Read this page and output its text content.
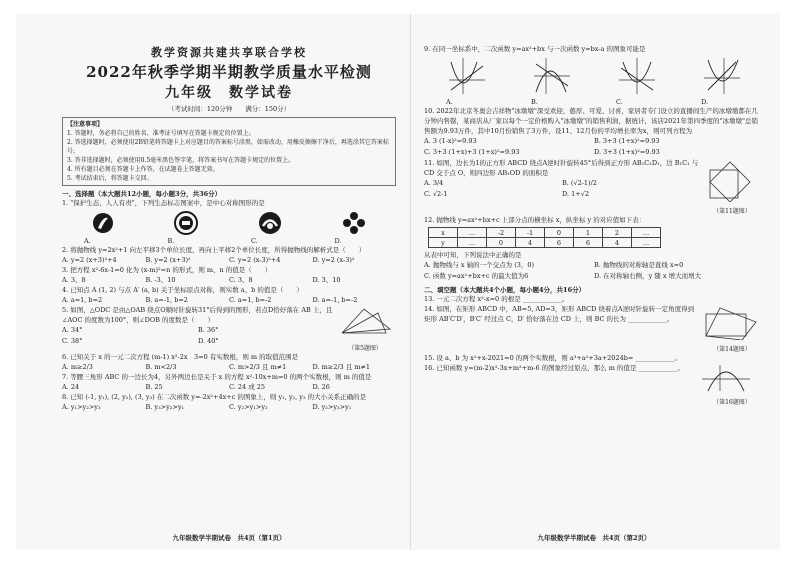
教学资源共建共享联合学校
2022年秋季学期半期教学质量水平检测
九年级　数学试卷
（考试时间：120分钟　　满分：150分）
【注意事项】
1. 答题时，务必将自己的姓名、准考证号填写在答题卡规定的位置上。
2. 答选择题时，必须使用2B铅笔将答题卡上对应题目的答案标号涂黑，如需改动，用橡皮擦擦干净后，再选涂其它答案标号。
3. 答非选择题时，必须使用0.5毫米黑色签字笔，将答案书写在答题卡规定的位置上。
4. 所有题目必须在答题卡上作答，在试题卷上答题无效。
5. 考试结束后，将答题卡交回。
一、选择题（本大题共12小题，每小题3分，共36分）
1. "保护生态，人人有责"，下列生态标志图案中，是中心对称图形的是
A.	B.	C.	D.
2. 将抛物线 y=2x²+1 向左平移3个单位长度，再向上平移2个单位长度，所得抛物线的解析式是（　　）
A. y=2 (x+3)²+4	B. y=2 (x+3)²	C. y=2 (x-3)²+4	D. y=2 (x-3)²
3. 把方程 x²-6x-1=0 化为 (x-m)²=n 的形式，则 m、n 的值是（　　）
A. 3、8	B. -3、10	C. 3、8	D. 3、10
4. 已知点 A (1, 2) 与点 A′ (a, b) 关于坐标原点对称，则实数 a、b 的值是（　　）
A. a=1, b=2	B. a=-1, b=2	C. a=1, b=-2	D. a=-1, b=-2
5. 如图，△ODC 是由△OAB 绕点O顺时针旋转31°后得到的图形，若点D恰好落在 AB 上，且∠AOC 的度数为100°，则∠DOB 的度数是（　　）
A. 34°	B. 36°
C. 38°	D. 40°
（第5题图）
6. 已知关于 x 的一元二次方程 (m-1) x²-2x　3=0 有实数根，则 m 的取值范围是
A. m≥2/3	B. m<2/3	C. m>2/3 且 m≠1	D. m≥2/3 且 m≠1
7. 等腰三角形 ABC 的一边长为4，另外两边长是关于 x 的方程 x²-10x+m=0 的两个实数根，则 m 的值是
A. 24	B. 25	C. 24 或 25	D. 26
8. 已知 (-1, y₁), (2, y₂), (3, y₃) 在二次函数 y=-2x²+4x+c 的图象上，则 y₁, y₂, y₃ 的大小关系正确的是
A. y₁>y₂>y₃	B. y₃>y₂>y₁	C. y₂>y₁>y₃	D. y₂>y₃>y₁
九年级数学半期试卷　共4页（第1页）
9. 在同一坐标系中，二次函数 y=ax²+bx 与一次函数 y=bx-a 的图象可能是
A.	B.	C.	D.
10. 2022年北京冬奥会吉祥物"冰墩墩"深受欢迎，憨厚、可爱、讨喜，家居者专门设立的直播间生产的冰墩墩都在几分钟内售罄，某商店从厂家以每个一定价格购入"冰墩墩"的销售利润，据统计，该店2021年第四季度的"冰墩墩"总销售额为9.93万件，其中10月份销售了3万件，设11、12月份的平均增长率为x，则可列方程为
A. 3 (1-x)²=9.93	B. 3+3 (1+x)²=9.93
C. 3+3 (1+x)+3 (1+x)²=9.93	D. 3+3 (1+x)²=9.93
11. 如图，边长为1的正方形 ABCD 绕点A逆时针旋转45°后得到正方形 AB₁C₁D₁，边 B₁C₁ 与 CD 交于点 O，则四边形 AB₁OD 的面积是
A. 3/4	B. (√2-1)/2
C. √2-1	D. 1+√2
（第11题图）
12. 抛物线 y=ax²+bx+c 上部分点的横坐标 x，纵坐标 y 的对应值如下表：
x	…	-2	-1	0	1	2	…
y	…	0	4	6	6	4	…
从表中可知，下列说法中正确的是
A. 抛物线与 x 轴的一个交点为 (3，0)	B. 抛物线的对称轴是直线 x=0
C. 函数 y=ax²+bx+c 的最大值为6	D. 在对称轴右侧，y 随 x 增大而增大
二、填空题（本大题共4个小题，每小题4分，共16分）
13. 一元二次方程 x²-x=0 的根是 ____________。
14. 如图，在矩形 ABCD 中，AB=5, AD=3，矩形 ABCD 绕着点A逆时针旋转一定角度得到矩形 AB′C′D′，B′C′ 经过点 C，D′ 恰好落在边 CD 上，则 BC 的长为 ____________。
（第14题图）
15. 设 a、b 为 x²+x-2021=0 的两个实数根，则 a³+a²+3a+2024b= ____________。
16. 已知函数 y=(m-2)x²-3x+m²+m-6 的图象经过原点，那么 m 的值是 ____________。
（第16题图）
九年级数学半期试卷　共4页（第2页）
